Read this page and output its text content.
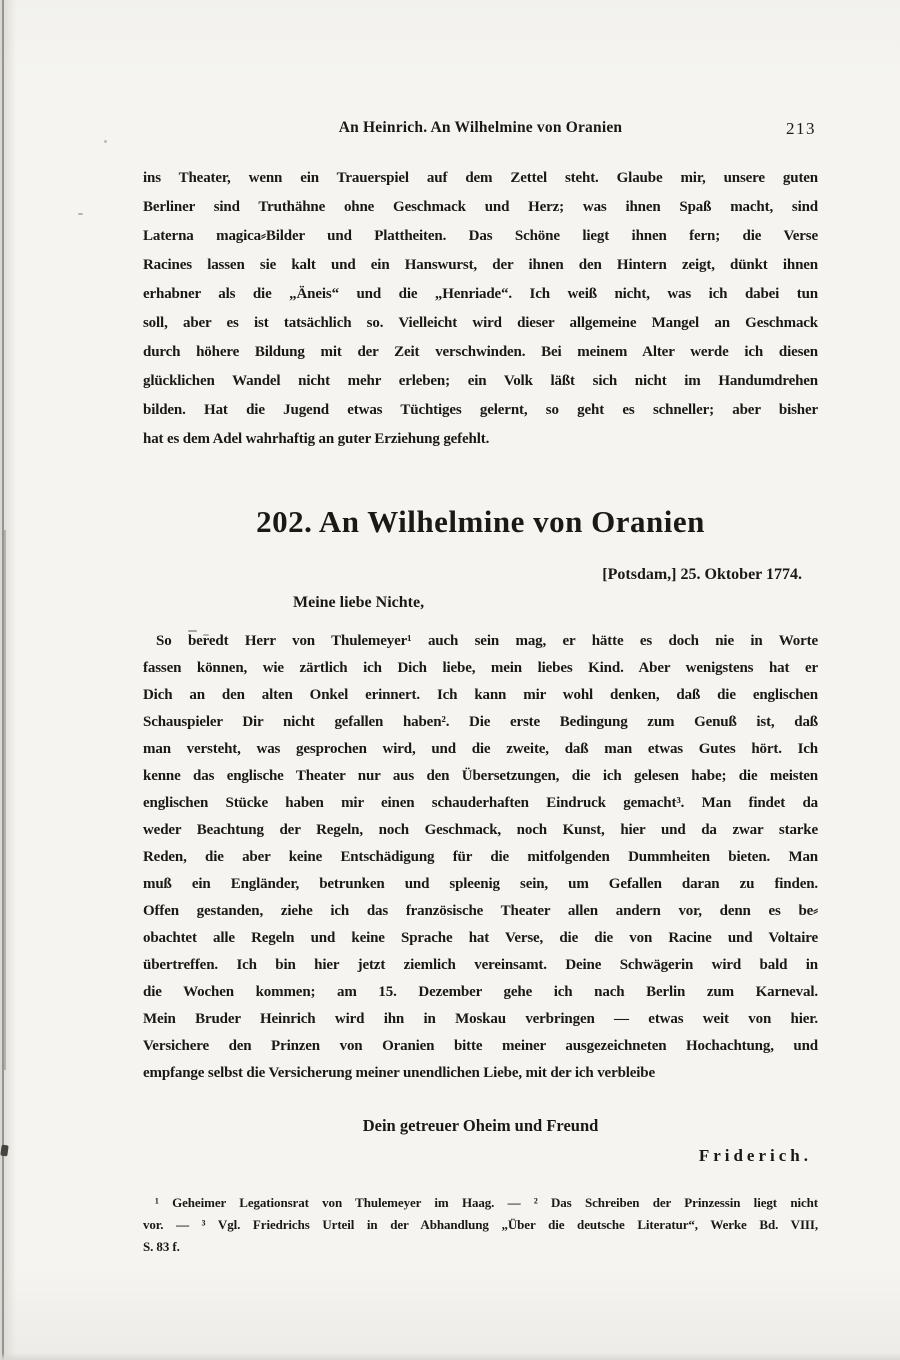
An Heinrich. An Wilhelmine von Oranien	213
ins Theater, wenn ein Trauerspiel auf dem Zettel steht. Glaube mir, unsere guten
Berliner sind Truthähne ohne Geschmack und Herz; was ihnen Spaß macht, sind
Laterna magica⸗Bilder und Plattheiten. Das Schöne liegt ihnen fern; die Verse
Racines lassen sie kalt und ein Hanswurst, der ihnen den Hintern zeigt, dünkt ihnen
erhabner als die „Äneis“ und die „Henriade“. Ich weiß nicht, was ich dabei tun
soll, aber es ist tatsächlich so. Vielleicht wird dieser allgemeine Mangel an Geschmack
durch höhere Bildung mit der Zeit verschwinden. Bei meinem Alter werde ich diesen
glücklichen Wandel nicht mehr erleben; ein Volk läßt sich nicht im Handumdrehen
bilden. Hat die Jugend etwas Tüchtiges gelernt, so geht es schneller; aber bisher
hat es dem Adel wahrhaftig an guter Erziehung gefehlt.
202. An Wilhelmine von Oranien
[Potsdam,] 25. Oktober 1774.
Meine liebe Nichte,
So beredt Herr von Thulemeyer¹ auch sein mag, er hätte es doch nie in Worte
fassen können, wie zärtlich ich Dich liebe, mein liebes Kind. Aber wenigstens hat er
Dich an den alten Onkel erinnert. Ich kann mir wohl denken, daß die englischen
Schauspieler Dir nicht gefallen haben². Die erste Bedingung zum Genuß ist, daß
man versteht, was gesprochen wird, und die zweite, daß man etwas Gutes hört. Ich
kenne das englische Theater nur aus den Übersetzungen, die ich gelesen habe; die meisten
englischen Stücke haben mir einen schauderhaften Eindruck gemacht³. Man findet da
weder Beachtung der Regeln, noch Geschmack, noch Kunst, hier und da zwar starke
Reden, die aber keine Entschädigung für die mitfolgenden Dummheiten bieten. Man
muß ein Engländer, betrunken und spleenig sein, um Gefallen daran zu finden.
Offen gestanden, ziehe ich das französische Theater allen andern vor, denn es be⸗
obachtet alle Regeln und keine Sprache hat Verse, die die von Racine und Voltaire
übertreffen. Ich bin hier jetzt ziemlich vereinsamt. Deine Schwägerin wird bald in
die Wochen kommen; am 15. Dezember gehe ich nach Berlin zum Karneval.
Mein Bruder Heinrich wird ihn in Moskau verbringen — etwas weit von hier.
Versichere den Prinzen von Oranien bitte meiner ausgezeichneten Hochachtung, und
empfange selbst die Versicherung meiner unendlichen Liebe, mit der ich verbleibe
Dein getreuer Oheim und Freund
Friderich.
¹ Geheimer Legationsrat von Thulemeyer im Haag. — ² Das Schreiben der Prinzessin liegt nicht
vor. — ³ Vgl. Friedrichs Urteil in der Abhandlung „Über die deutsche Literatur“, Werke Bd. VIII,
S. 83 f.
